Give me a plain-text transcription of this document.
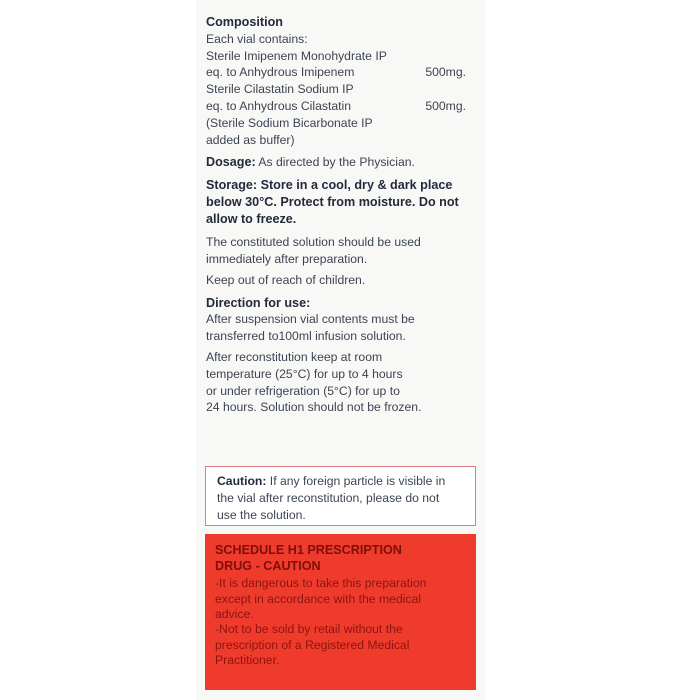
Composition
Each vial contains:
Sterile Imipenem Monohydrate IP
eq. to Anhydrous Imipenem	500mg.
Sterile Cilastatin Sodium IP
eq. to Anhydrous Cilastatin	500mg.
(Sterile Sodium Bicarbonate IP
added as buffer)
Dosage: As directed by the Physician.
Storage: Store in a cool, dry & dark place
below 30°C. Protect from moisture. Do not
allow to freeze.
The constituted solution should be used
immediately after preparation.
Keep out of reach of children.
Direction for use:
After suspension vial contents must be
transferred to100ml infusion solution.
After reconstitution keep at room
temperature (25°C) for up to 4 hours
or under refrigeration (5°C) for up to
24 hours. Solution should not be frozen.
Caution: If any foreign particle is visible in
the vial after reconstitution, please do not
use the solution.
SCHEDULE H1 PRESCRIPTION
DRUG - CAUTION
-It is dangerous to take this preparation
except in accordance with the medical
advice.
-Not to be sold by retail without the
prescription of a Registered Medical
Practitioner.
